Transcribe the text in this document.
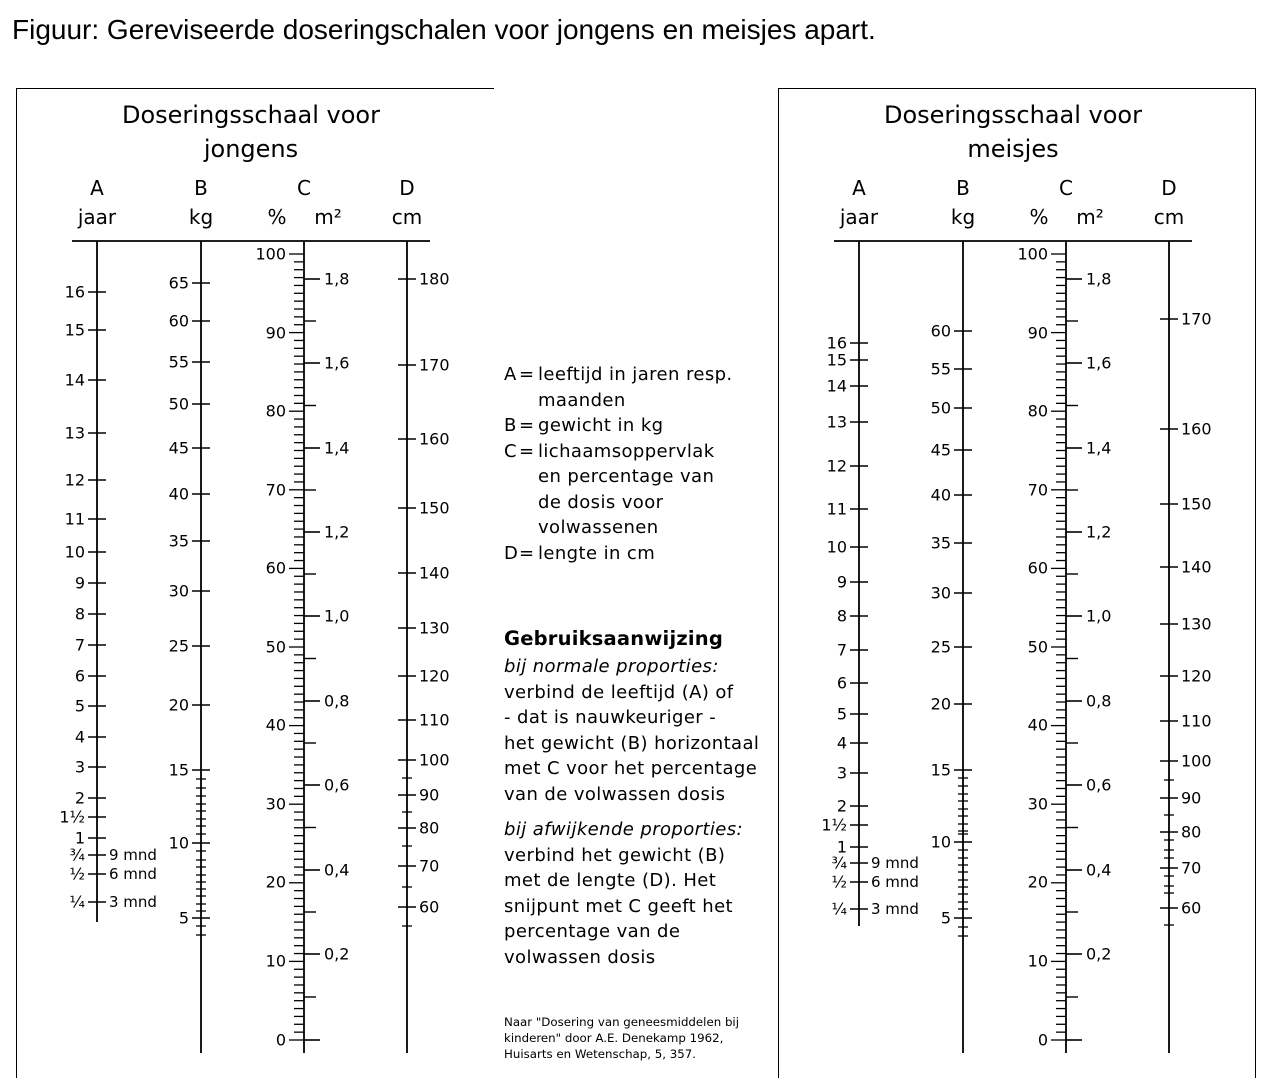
Figuur: Gereviseerde doseringschalen voor jongens en meisjes apart.
Doseringsschaal voor
jongens
A	B	C	D
jaar	kg	% m²	cm
16
15
14
13
12
11
10
9
8
7
6
5
4
3
2
1½
1
¾ 9 mnd
½ 6 mnd
¼ 3 mnd
65
60
55
50
45
40
35
30
25
20
15
10
5
100
90
80
70
60
50
40
30
20
10
0
1,8
1,6
1,4
1,2
1,0
0,8
0,6
0,4
0,2
180
170
160
150
140
130
120
110
100
90
80
70
60
Doseringsschaal voor
meisjes
A	B	C	D
jaar	kg	% m²	cm
16
15
14
13
12
11
10
9
8
7
6
5
4
3
2
1½
1
¾ 9 mnd
½ 6 mnd
¼ 3 mnd
60
55
50
45
40
35
30
25
20
15
10
5
100
90
80
70
60
50
40
30
20
10
0
1,8
1,6
1,4
1,2
1,0
0,8
0,6
0,4
0,2
170
160
150
140
130
120
110
100
90
80
70
60
A = leeftijd in jaren resp.
maanden
B = gewicht in kg
C = lichaamsoppervlak
en percentage van
de dosis voor
volwassenen
D = lengte in cm
Gebruiksaanwijzing
bij normale proporties:
verbind de leeftijd (A) of
- dat is nauwkeuriger -
het gewicht (B) horizontaal
met C voor het percentage
van de volwassen dosis
bij afwijkende proporties:
verbind het gewicht (B)
met de lengte (D). Het
snijpunt met C geeft het
percentage van de
volwassen dosis
Naar "Dosering van geneesmiddelen bij
kinderen" door A.E. Denekamp 1962,
Huisarts en Wetenschap, 5, 357.
